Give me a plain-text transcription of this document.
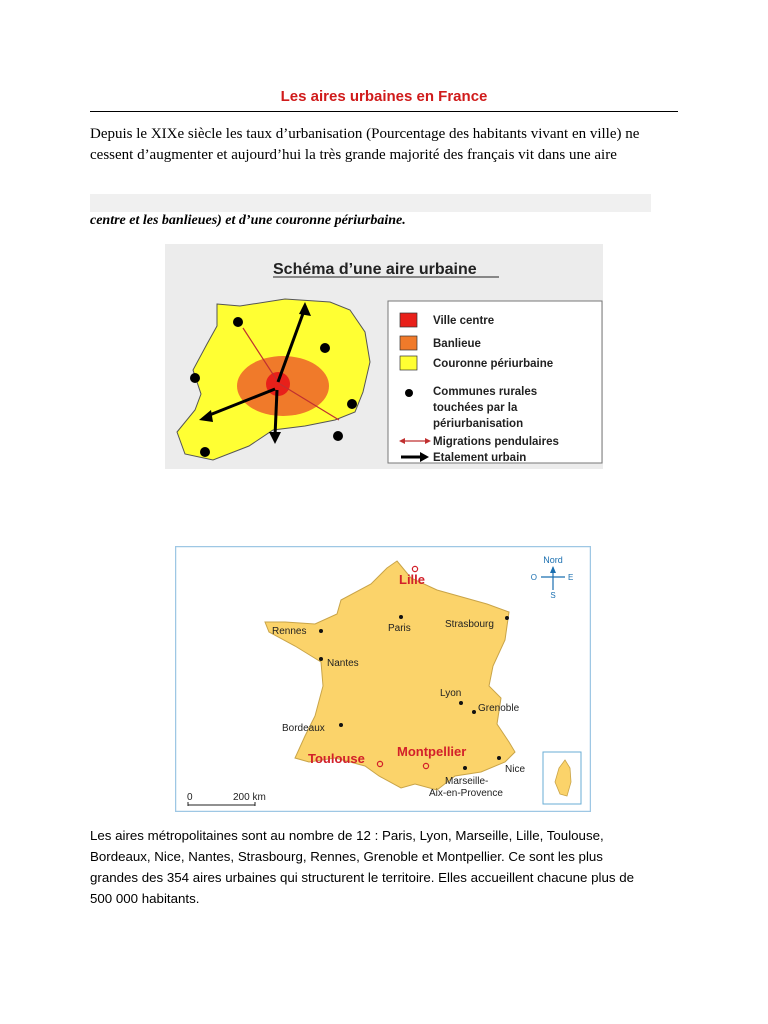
Les aires urbaines en France
Depuis le XIXe siècle les taux d’urbanisation (Pourcentage des habitants vivant en ville) ne
cessent d’augmenter et aujourd’hui la très grande majorité des français vit dans une aire
centre et les banlieues) et d’une couronne périurbaine.
Schéma d’une aire urbaine
Ville centre
Banlieue
Couronne périurbaine
Communes rurales
touchées par la
périurbanisation
Migrations pendulaires
Etalement urbain
Nord
O	E
S
0	200 km
Lille
Paris	Strasbourg
Rennes
Nantes
Lyon
Grenoble
Bordeaux
Toulouse Montpellier
Nice
Marseille-
Aix-en-Provence
Les aires métropolitaines sont au nombre de 12 : Paris, Lyon, Marseille, Lille, Toulouse,
Bordeaux, Nice, Nantes, Strasbourg, Rennes, Grenoble et Montpellier. Ce sont les plus
grandes des 354 aires urbaines qui structurent le territoire. Elles accueillent chacune plus de
500 000 habitants.
